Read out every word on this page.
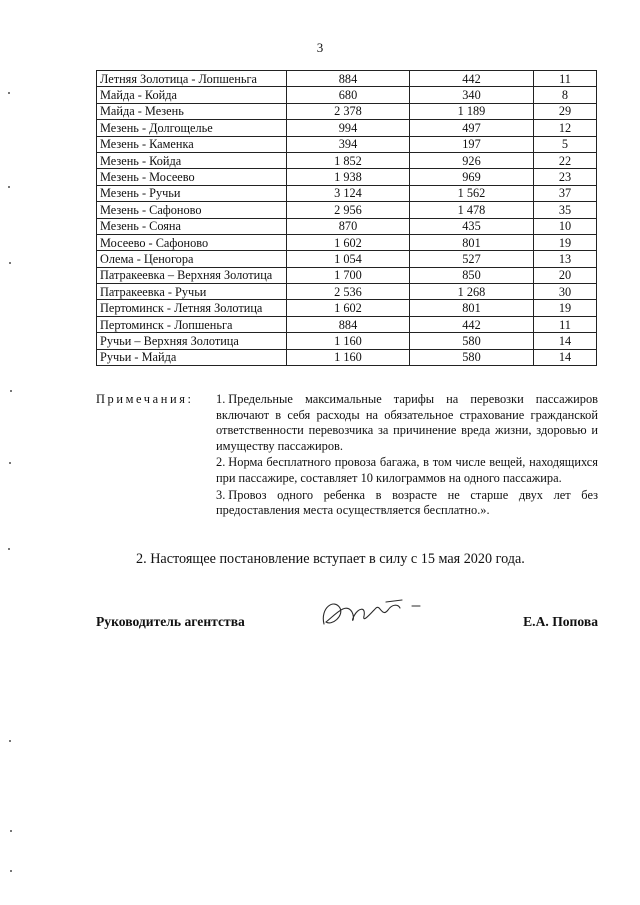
3
Летняя Золотица - Лопшеньга	884	442	11
Майда - Койда	680	340	8
Майда - Мезень	2 378	1 189	29
Мезень - Долгощелье	994	497	12
Мезень - Каменка	394	197	5
Мезень - Койда	1 852	926	22
Мезень - Мосеево	1 938	969	23
Мезень - Ручьи	3 124	1 562	37
Мезень - Сафоново	2 956	1 478	35
Мезень - Сояна	870	435	10
Мосеево - Сафоново	1 602	801	19
Олема - Ценогора	1 054	527	13
Патракеевка – Верхняя Золотица	1 700	850	20
Патракеевка - Ручьи	2 536	1 268	30
Пертоминск - Летняя Золотица	1 602	801	19
Пертоминск - Лопшеньга	884	442	11
Ручьи – Верхняя Золотица	1 160	580	14
Ручьи - Майда	1 160	580	14
Примечания: 1. Предельные максимальные тарифы на перевозки пассажиров включают в себя расходы на обязательное страхование гражданской ответственности перевозчика за причинение вреда жизни, здоровью и имуществу пассажиров.
2. Норма бесплатного провоза багажа, в том числе вещей, находящихся при пассажире, составляет 10 килограммов на одного пассажира.
3. Провоз одного ребенка в возрасте не старше двух лет без предоставления места осуществляется бесплатно.».
2. Настоящее постановление вступает в силу с 15 мая 2020 года.
Руководитель агентства	Е.А. Попова
